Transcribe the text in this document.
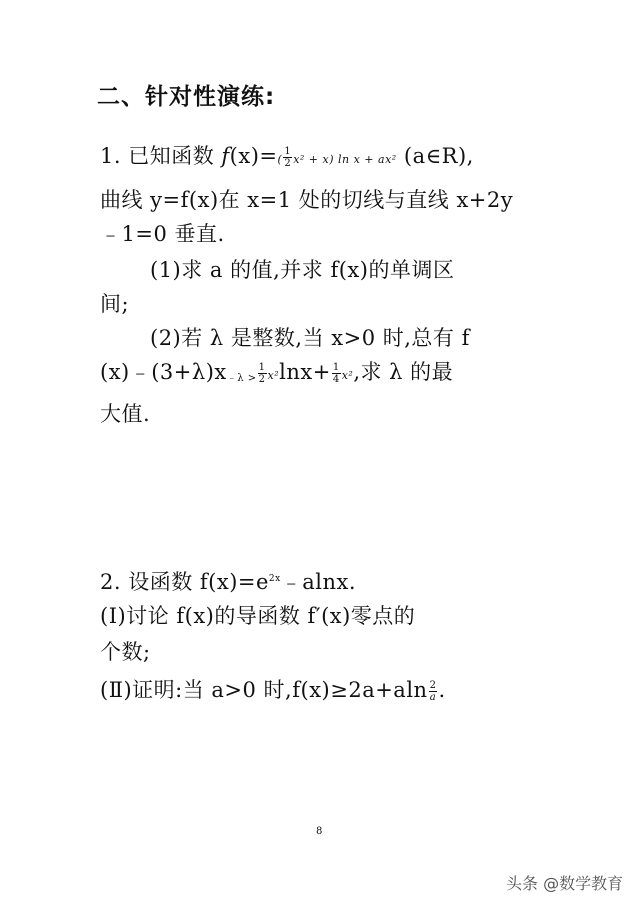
二、针对性演练:
1. 已知函数 $f(x)=( \frac{1}{2} x^2 + x)$ ln x + ax² (a∈R),
曲线 y=f(x)在 x=1 处的切线与直线 x+2y
﹣1=0 垂直.
(1)求 a 的值,并求 f(x)的单调区
间;
(2)若 λ 是整数,当 x>0 时,总有 f
(x)﹣(3+λ)x﹣λ > $\frac{1}{2} x^2\ln x+ \frac{1}{4} x^2$,求 λ 的最
大值.
2. 设函数 $f(x)=e^{2x}﹣alnx$.
(Ⅰ)讨论 f(x)的导函数 f′(x)零点的
个数;
(Ⅱ)证明:当 a>0 时$,f(x)\ge 2a+aln \frac{2}{a}$ .
8
头条 @数学教育
